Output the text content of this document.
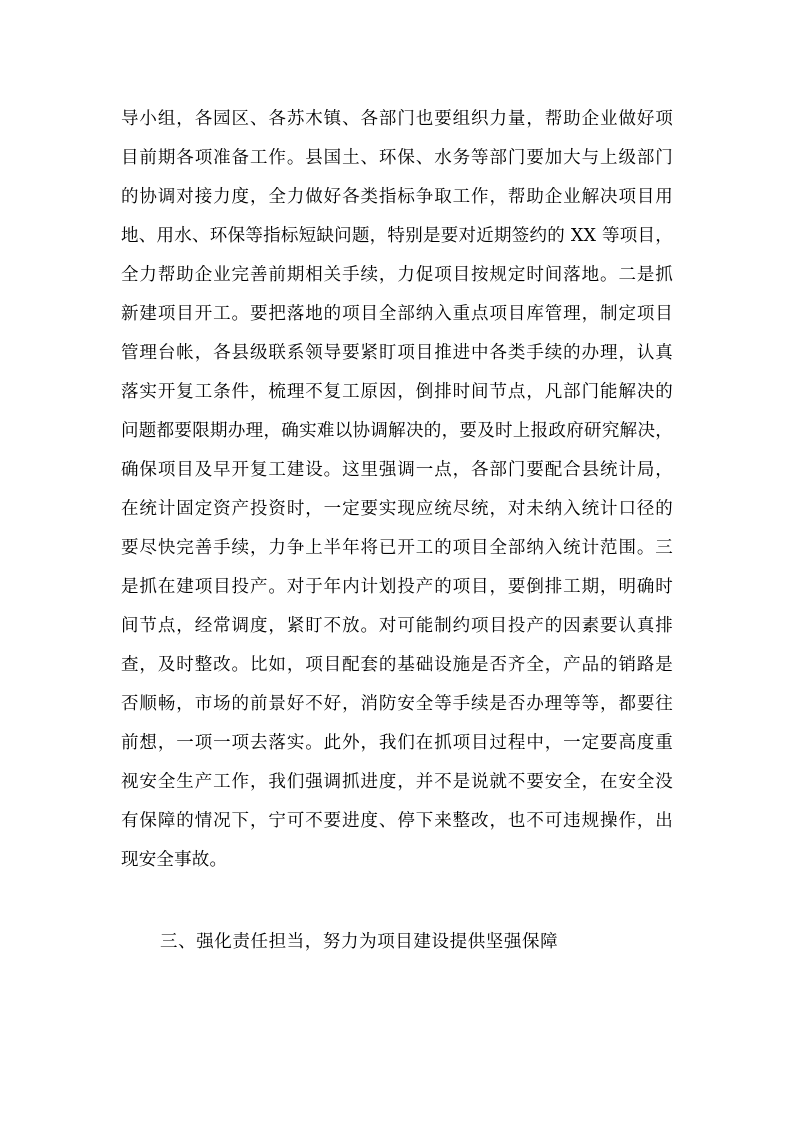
导小组，各园区、各苏木镇、各部门也要组织力量，帮助企业做好项

目前期各项准备工作。县国土、环保、水务等部门要加大与上级部门

的协调对接力度，全力做好各类指标争取工作，帮助企业解决项目用

地、用水、环保等指标短缺问题，特别是要对近期签约的 XX 等项目，

全力帮助企业完善前期相关手续，力促项目按规定时间落地。二是抓

新建项目开工。要把落地的项目全部纳入重点项目库管理，制定项目

管理台帐，各县级联系领导要紧盯项目推进中各类手续的办理，认真

落实开复工条件，梳理不复工原因，倒排时间节点，凡部门能解决的

问题都要限期办理，确实难以协调解决的，要及时上报政府研究解决，

确保项目及早开复工建设。这里强调一点，各部门要配合县统计局，

在统计固定资产投资时，一定要实现应统尽统，对未纳入统计口径的

要尽快完善手续，力争上半年将已开工的项目全部纳入统计范围。三

是抓在建项目投产。对于年内计划投产的项目，要倒排工期，明确时

间节点，经常调度，紧盯不放。对可能制约项目投产的因素要认真排

查，及时整改。比如，项目配套的基础设施是否齐全，产品的销路是

否顺畅，市场的前景好不好，消防安全等手续是否办理等等，都要往

前想，一项一项去落实。此外，我们在抓项目过程中，一定要高度重

视安全生产工作，我们强调抓进度，并不是说就不要安全，在安全没

有保障的情况下，宁可不要进度、停下来整改，也不可违规操作，出

现安全事故。

三、强化责任担当，努力为项目建设提供坚强保障
